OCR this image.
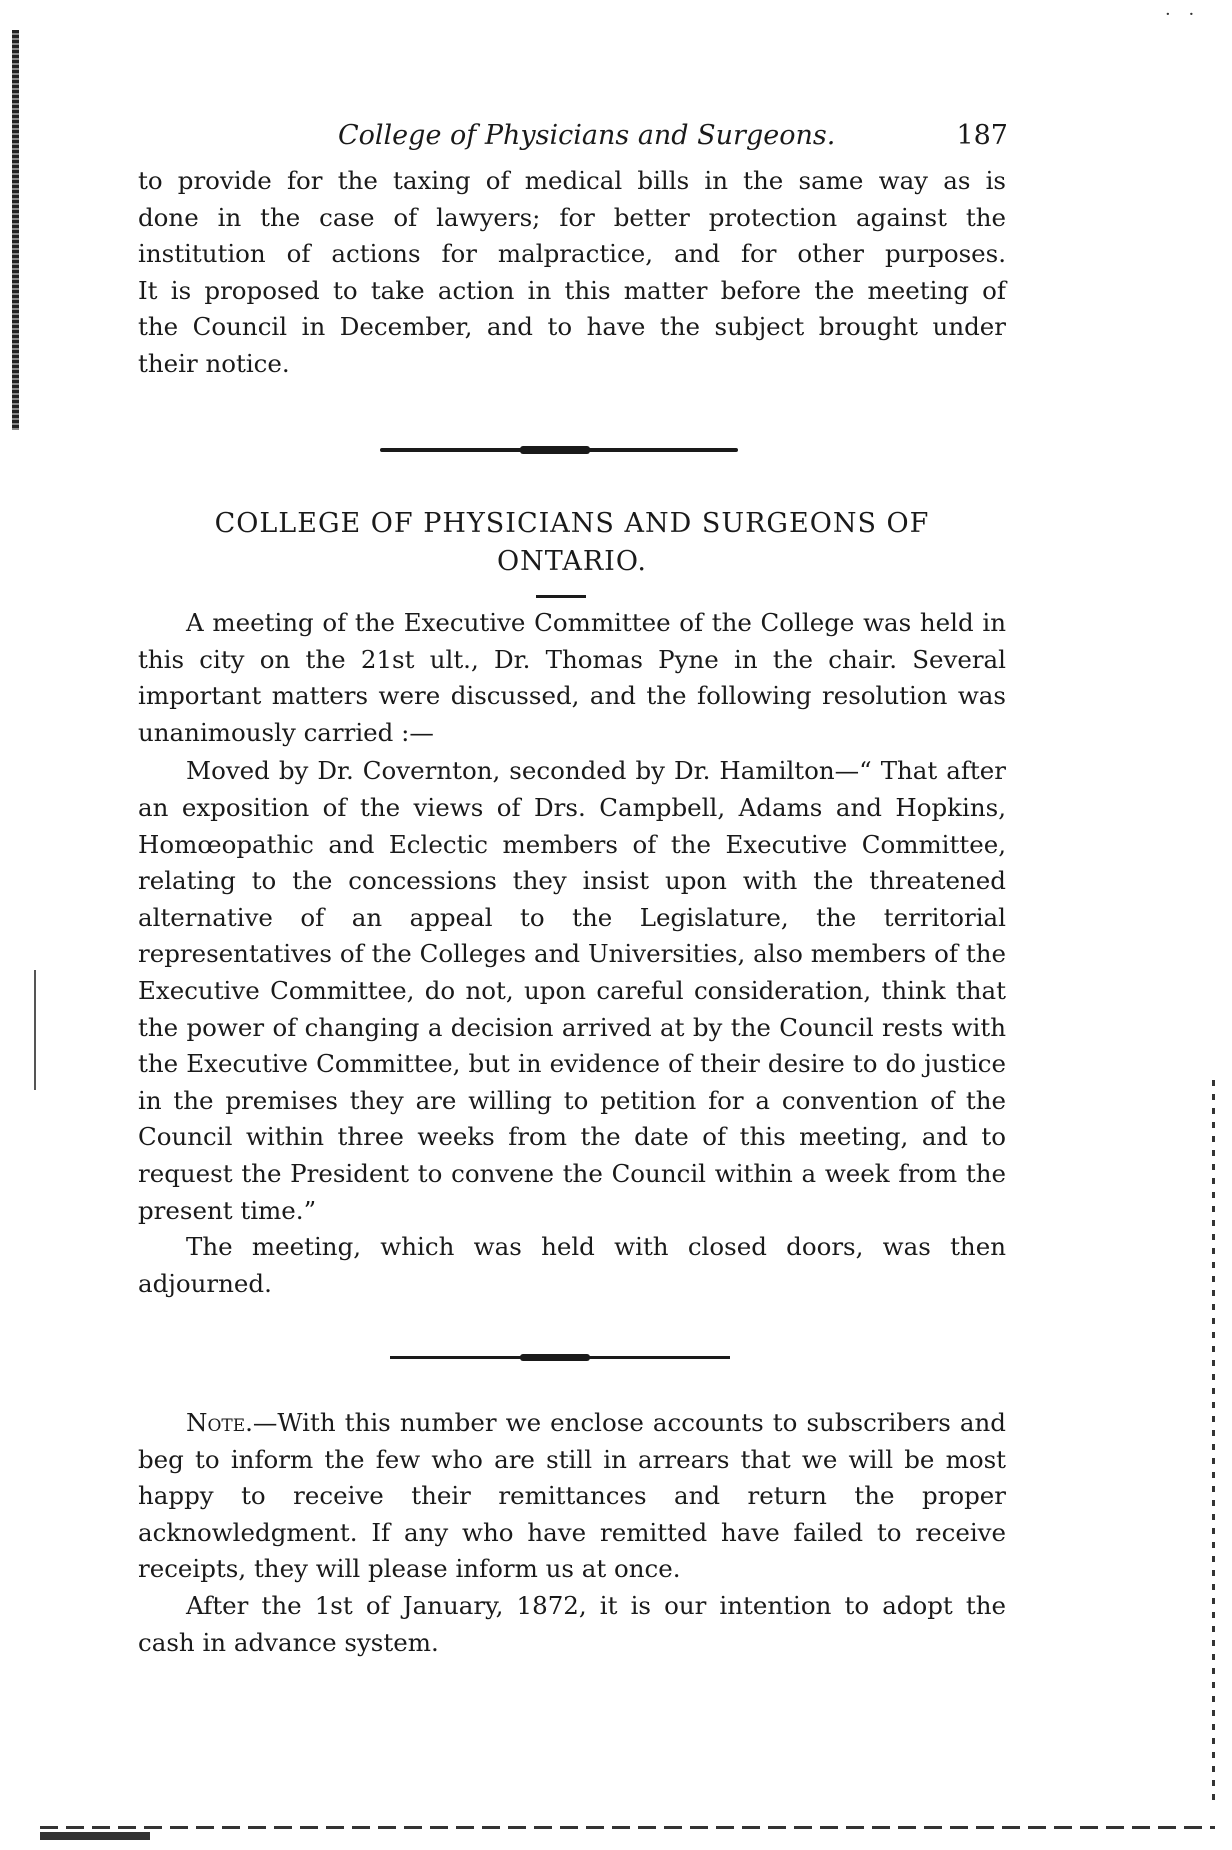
· ·
College of Physicians and Surgeons.	187
to provide for the taxing of medical bills in the same way as is
done in the case of lawyers; for better protection against the
institution of actions for malpractice, and for other purposes.
It is proposed to take action in this matter before the meeting of
the Council in December, and to have the subject brought under
their notice.
COLLEGE OF PHYSICIANS AND SURGEONS OF
ONTARIO.

A meeting of the Executive Committee of the College was held in this city on the 21st ult., Dr. Thomas Pyne in the chair. Several important matters were discussed, and the following resolution was unanimously carried :—

Moved by Dr. Covernton, seconded by Dr. Hamilton—“ That after an exposition of the views of Drs. Campbell, Adams and Hopkins, Homœopathic and Eclectic members of the Executive Committee, relating to the concessions they insist upon with the threatened alternative of an appeal to the Legislature, the territorial representatives of the Colleges and Universities, also members of the Executive Committee, do not, upon careful consideration, think that the power of changing a decision arrived at by the Council rests with the Executive Committee, but in evidence of their desire to do justice in the premises they are willing to petition for a convention of the Council within three weeks from the date of this meeting, and to request the President to convene the Council within a week from the present time.”

The meeting, which was held with closed doors, was then adjourned.

Note.—With this number we enclose accounts to subscribers and beg to inform the few who are still in arrears that we will be most happy to receive their remittances and return the proper acknowledgment. If any who have remitted have failed to receive receipts, they will please inform us at once.

After the 1st of January, 1872, it is our intention to adopt the cash in advance system.
